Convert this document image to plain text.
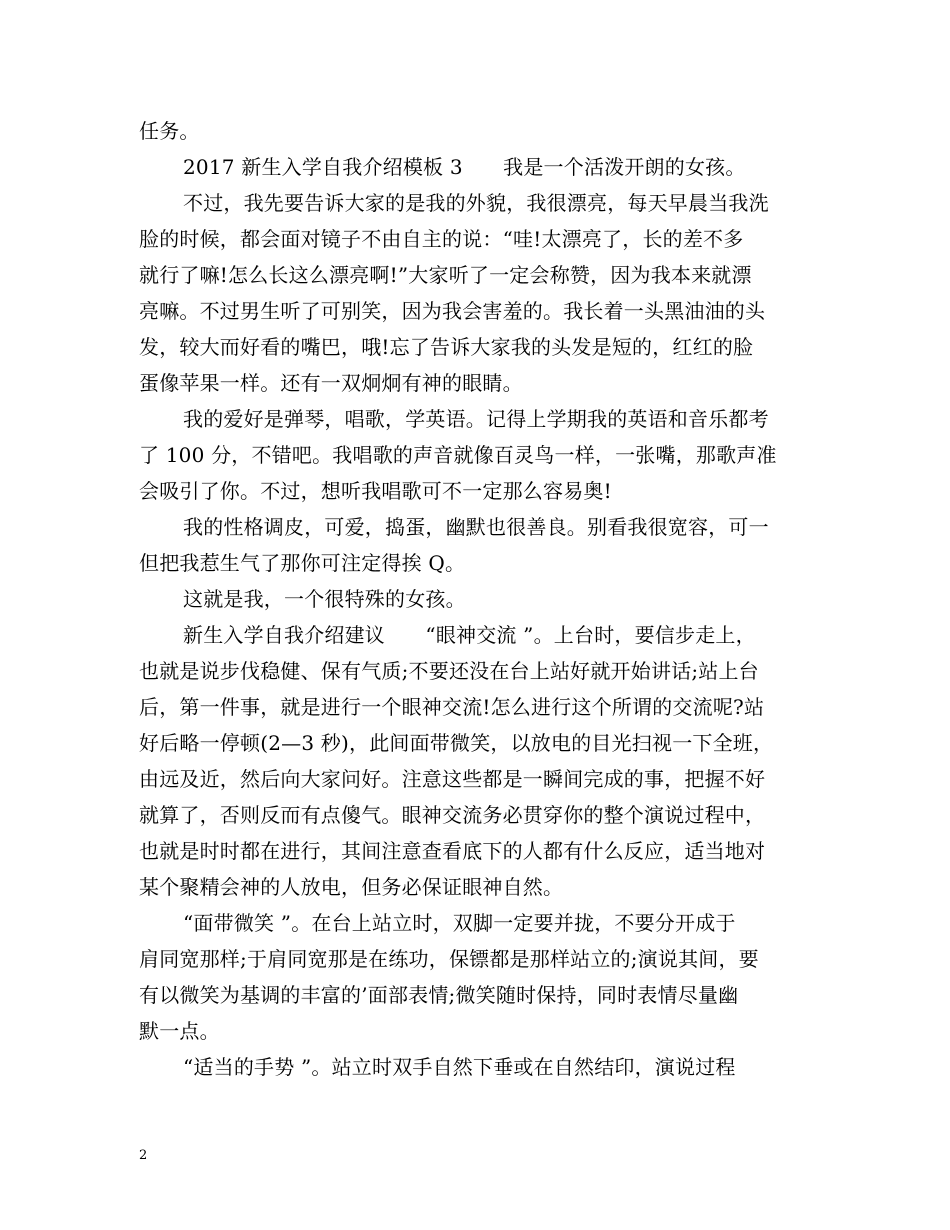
任务。
2017 新生入学自我介绍模板 3　　我是一个活泼开朗的女孩。
不过，我先要告诉大家的是我的外貌，我很漂亮，每天早晨当我洗
脸的时候，都会面对镜子不由自主的说：“哇!太漂亮了，长的差不多
就行了嘛!怎么长这么漂亮啊!”大家听了一定会称赞，因为我本来就漂
亮嘛。不过男生听了可别笑，因为我会害羞的。我长着一头黑油油的头
发，较大而好看的嘴巴，哦!忘了告诉大家我的头发是短的，红红的脸
蛋像苹果一样。还有一双炯炯有神的眼睛。
我的爱好是弹琴，唱歌，学英语。记得上学期我的英语和音乐都考
了 100 分，不错吧。我唱歌的声音就像百灵鸟一样，一张嘴，那歌声准
会吸引了你。不过，想听我唱歌可不一定那么容易奥!
我的性格调皮，可爱，捣蛋，幽默也很善良。别看我很宽容，可一
但把我惹生气了那你可注定得挨 Q。
这就是我，一个很特殊的女孩。
新生入学自我介绍建议　　“眼神交流 ”。上台时，要信步走上，
也就是说步伐稳健、保有气质;不要还没在台上站好就开始讲话;站上台
后，第一件事，就是进行一个眼神交流!怎么进行这个所谓的交流呢?站
好后略一停顿(2—3 秒)，此间面带微笑，以放电的目光扫视一下全班，
由远及近，然后向大家问好。注意这些都是一瞬间完成的事，把握不好
就算了，否则反而有点傻气。眼神交流务必贯穿你的整个演说过程中，
也就是时时都在进行，其间注意查看底下的人都有什么反应，适当地对
某个聚精会神的人放电，但务必保证眼神自然。
“面带微笑 ”。在台上站立时，双脚一定要并拢，不要分开成于
肩同宽那样;于肩同宽那是在练功，保镖都是那样站立的;演说其间，要
有以微笑为基调的丰富的’面部表情;微笑随时保持，同时表情尽量幽
默一点。
“适当的手势 ”。站立时双手自然下垂或在自然结印，演说过程
2
